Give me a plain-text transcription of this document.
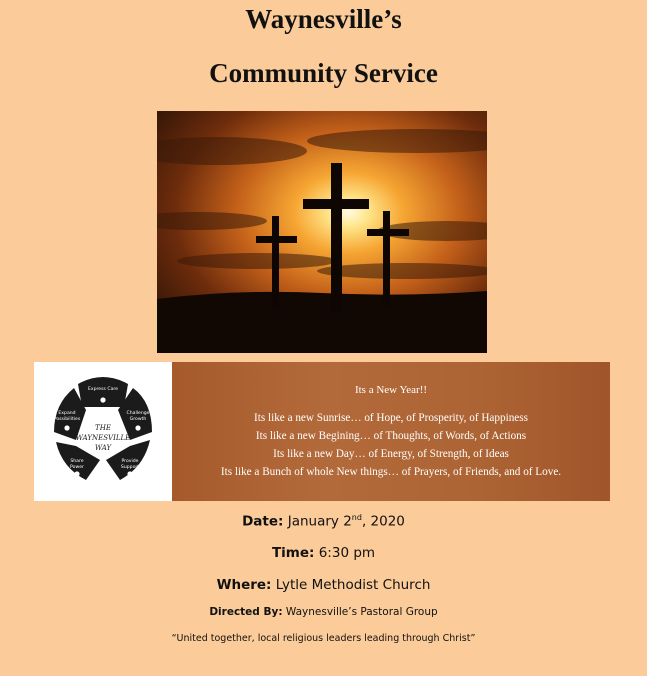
Waynesville’s
Community Service
Express Care
Challenge
Growth
Provide
Support
Share
Power
Expand
Possibilities
THE
WAYNESVILLE
WAY
Its a New Year!!
Its like a new Sunrise… of Hope, of Prosperity, of Happiness
Its like a new Begining… of Thoughts, of Words, of Actions
Its like a new Day… of Energy, of Strength, of Ideas
Its like a Bunch of whole New things… of Prayers, of Friends, and of Love.
Date: January 2nd, 2020
Time: 6:30 pm
Where: Lytle Methodist Church
Directed By: Waynesville’s Pastoral Group
“United together, local religious leaders leading through Christ”
